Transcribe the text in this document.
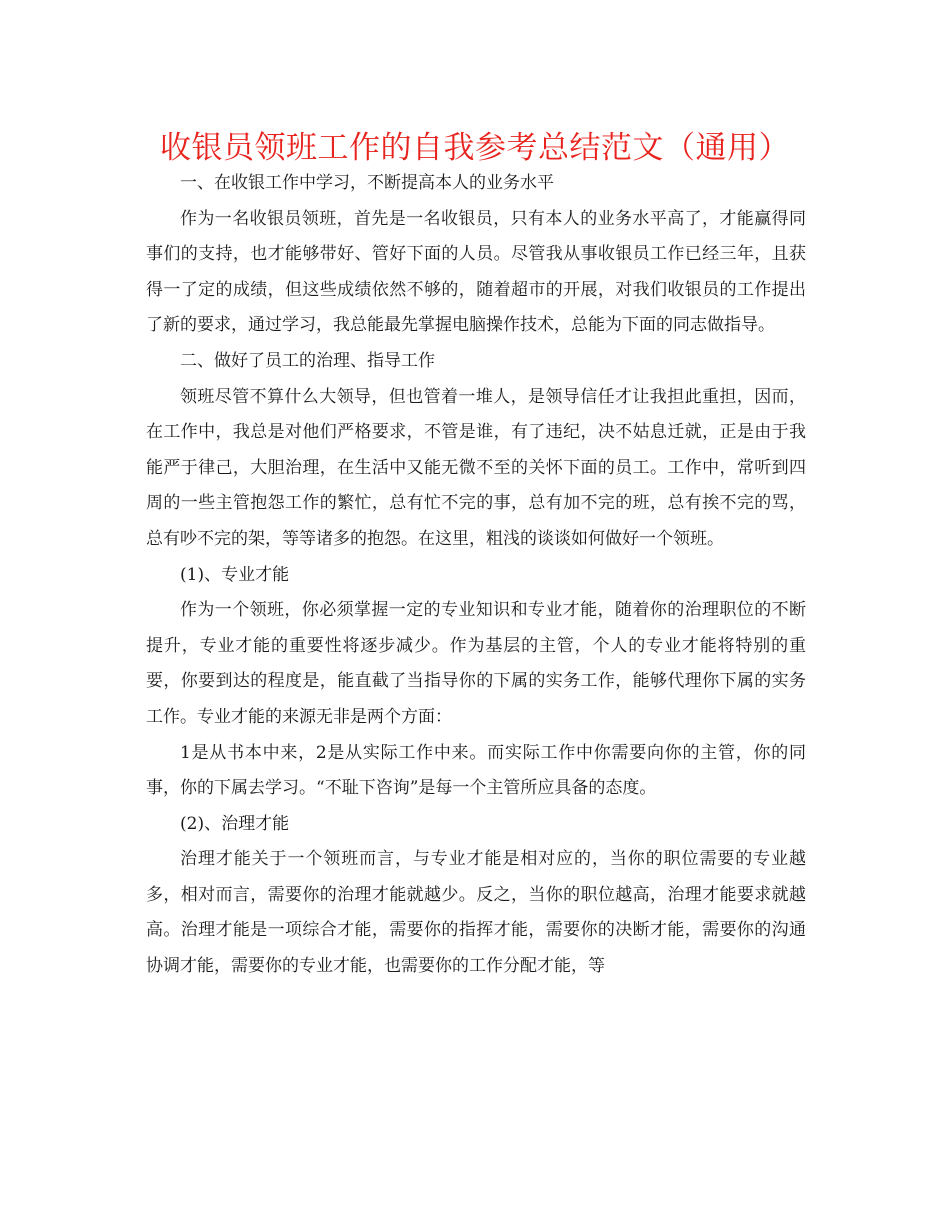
收银员领班工作的自我参考总结范文（通用）

一、在收银工作中学习，不断提高本人的业务水平

作为一名收银员领班，首先是一名收银员，只有本人的业务水平高了，才能赢得同事们的支持，也才能够带好、管好下面的人员。尽管我从事收银员工作已经三年，且获得一了定的成绩，但这些成绩依然不够的，随着超市的开展，对我们收银员的工作提出了新的要求，通过学习，我总能最先掌握电脑操作技术，总能为下面的同志做指导。

二、做好了员工的治理、指导工作

领班尽管不算什么大领导，但也管着一堆人，是领导信任才让我担此重担，因而，在工作中，我总是对他们严格要求，不管是谁，有了违纪，决不姑息迁就，正是由于我能严于律己，大胆治理，在生活中又能无微不至的关怀下面的员工。工作中，常听到四周的一些主管抱怨工作的繁忙，总有忙不完的事，总有加不完的班，总有挨不完的骂，总有吵不完的架，等等诸多的抱怨。在这里，粗浅的谈谈如何做好一个领班。

(1)、专业才能

作为一个领班，你必须掌握一定的专业知识和专业才能，随着你的治理职位的不断提升，专业才能的重要性将逐步减少。作为基层的主管，个人的专业才能将特别的重要，你要到达的程度是，能直截了当指导你的下属的实务工作，能够代理你下属的实务工作。专业才能的来源无非是两个方面：

1是从书本中来，2是从实际工作中来。而实际工作中你需要向你的主管，你的同事，你的下属去学习。“不耻下咨询”是每一个主管所应具备的态度。

(2)、治理才能

治理才能关于一个领班而言，与专业才能是相对应的，当你的职位需要的专业越多，相对而言，需要你的治理才能就越少。反之，当你的职位越高，治理才能要求就越高。治理才能是一项综合才能，需要你的指挥才能，需要你的决断才能，需要你的沟通协调才能，需要你的专业才能，也需要你的工作分配才能，等
